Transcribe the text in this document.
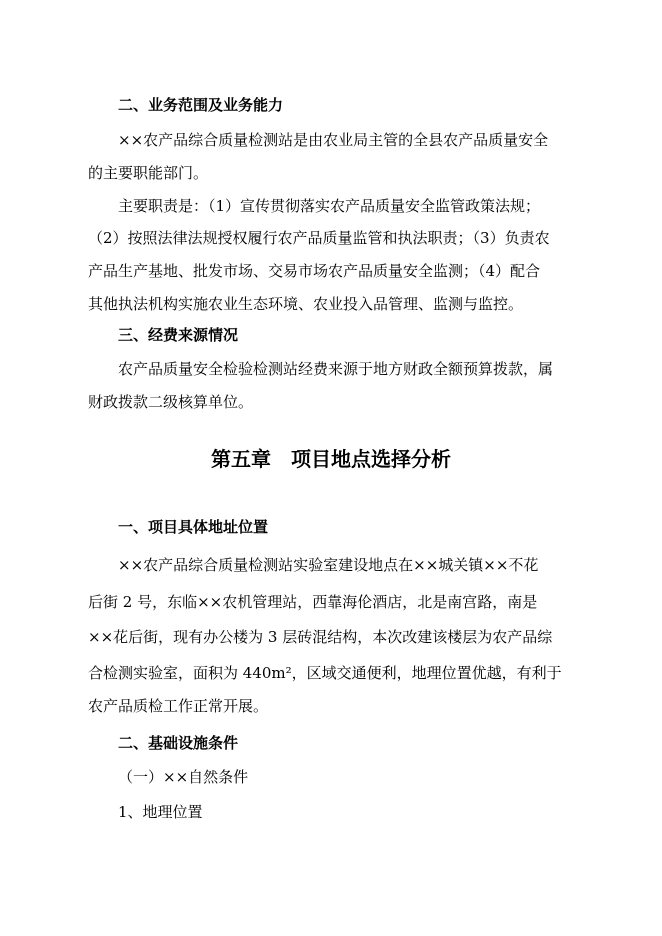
二、业务范围及业务能力
××农产品综合质量检测站是由农业局主管的全县农产品质量安全
的主要职能部门。
主要职责是：（1）宣传贯彻落实农产品质量安全监管政策法规；
（2）按照法律法规授权履行农产品质量监管和执法职责；（3）负责农
产品生产基地、批发市场、交易市场农产品质量安全监测；（4）配合
其他执法机构实施农业生态环境、农业投入品管理、监测与监控。
三、经费来源情况
农产品质量安全检验检测站经费来源于地方财政全额预算拨款，属
财政拨款二级核算单位。
第五章　项目地点选择分析
一、项目具体地址位置
××农产品综合质量检测站实验室建设地点在××城关镇××不花
后街 2 号，东临××农机管理站，西靠海伦酒店，北是南宫路，南是
××花后街，现有办公楼为 3 层砖混结构，本次改建该楼层为农产品综
合检测实验室，面积为 440m²，区域交通便利，地理位置优越，有利于
农产品质检工作正常开展。
二、基础设施条件
（一）××自然条件
1、地理位置
